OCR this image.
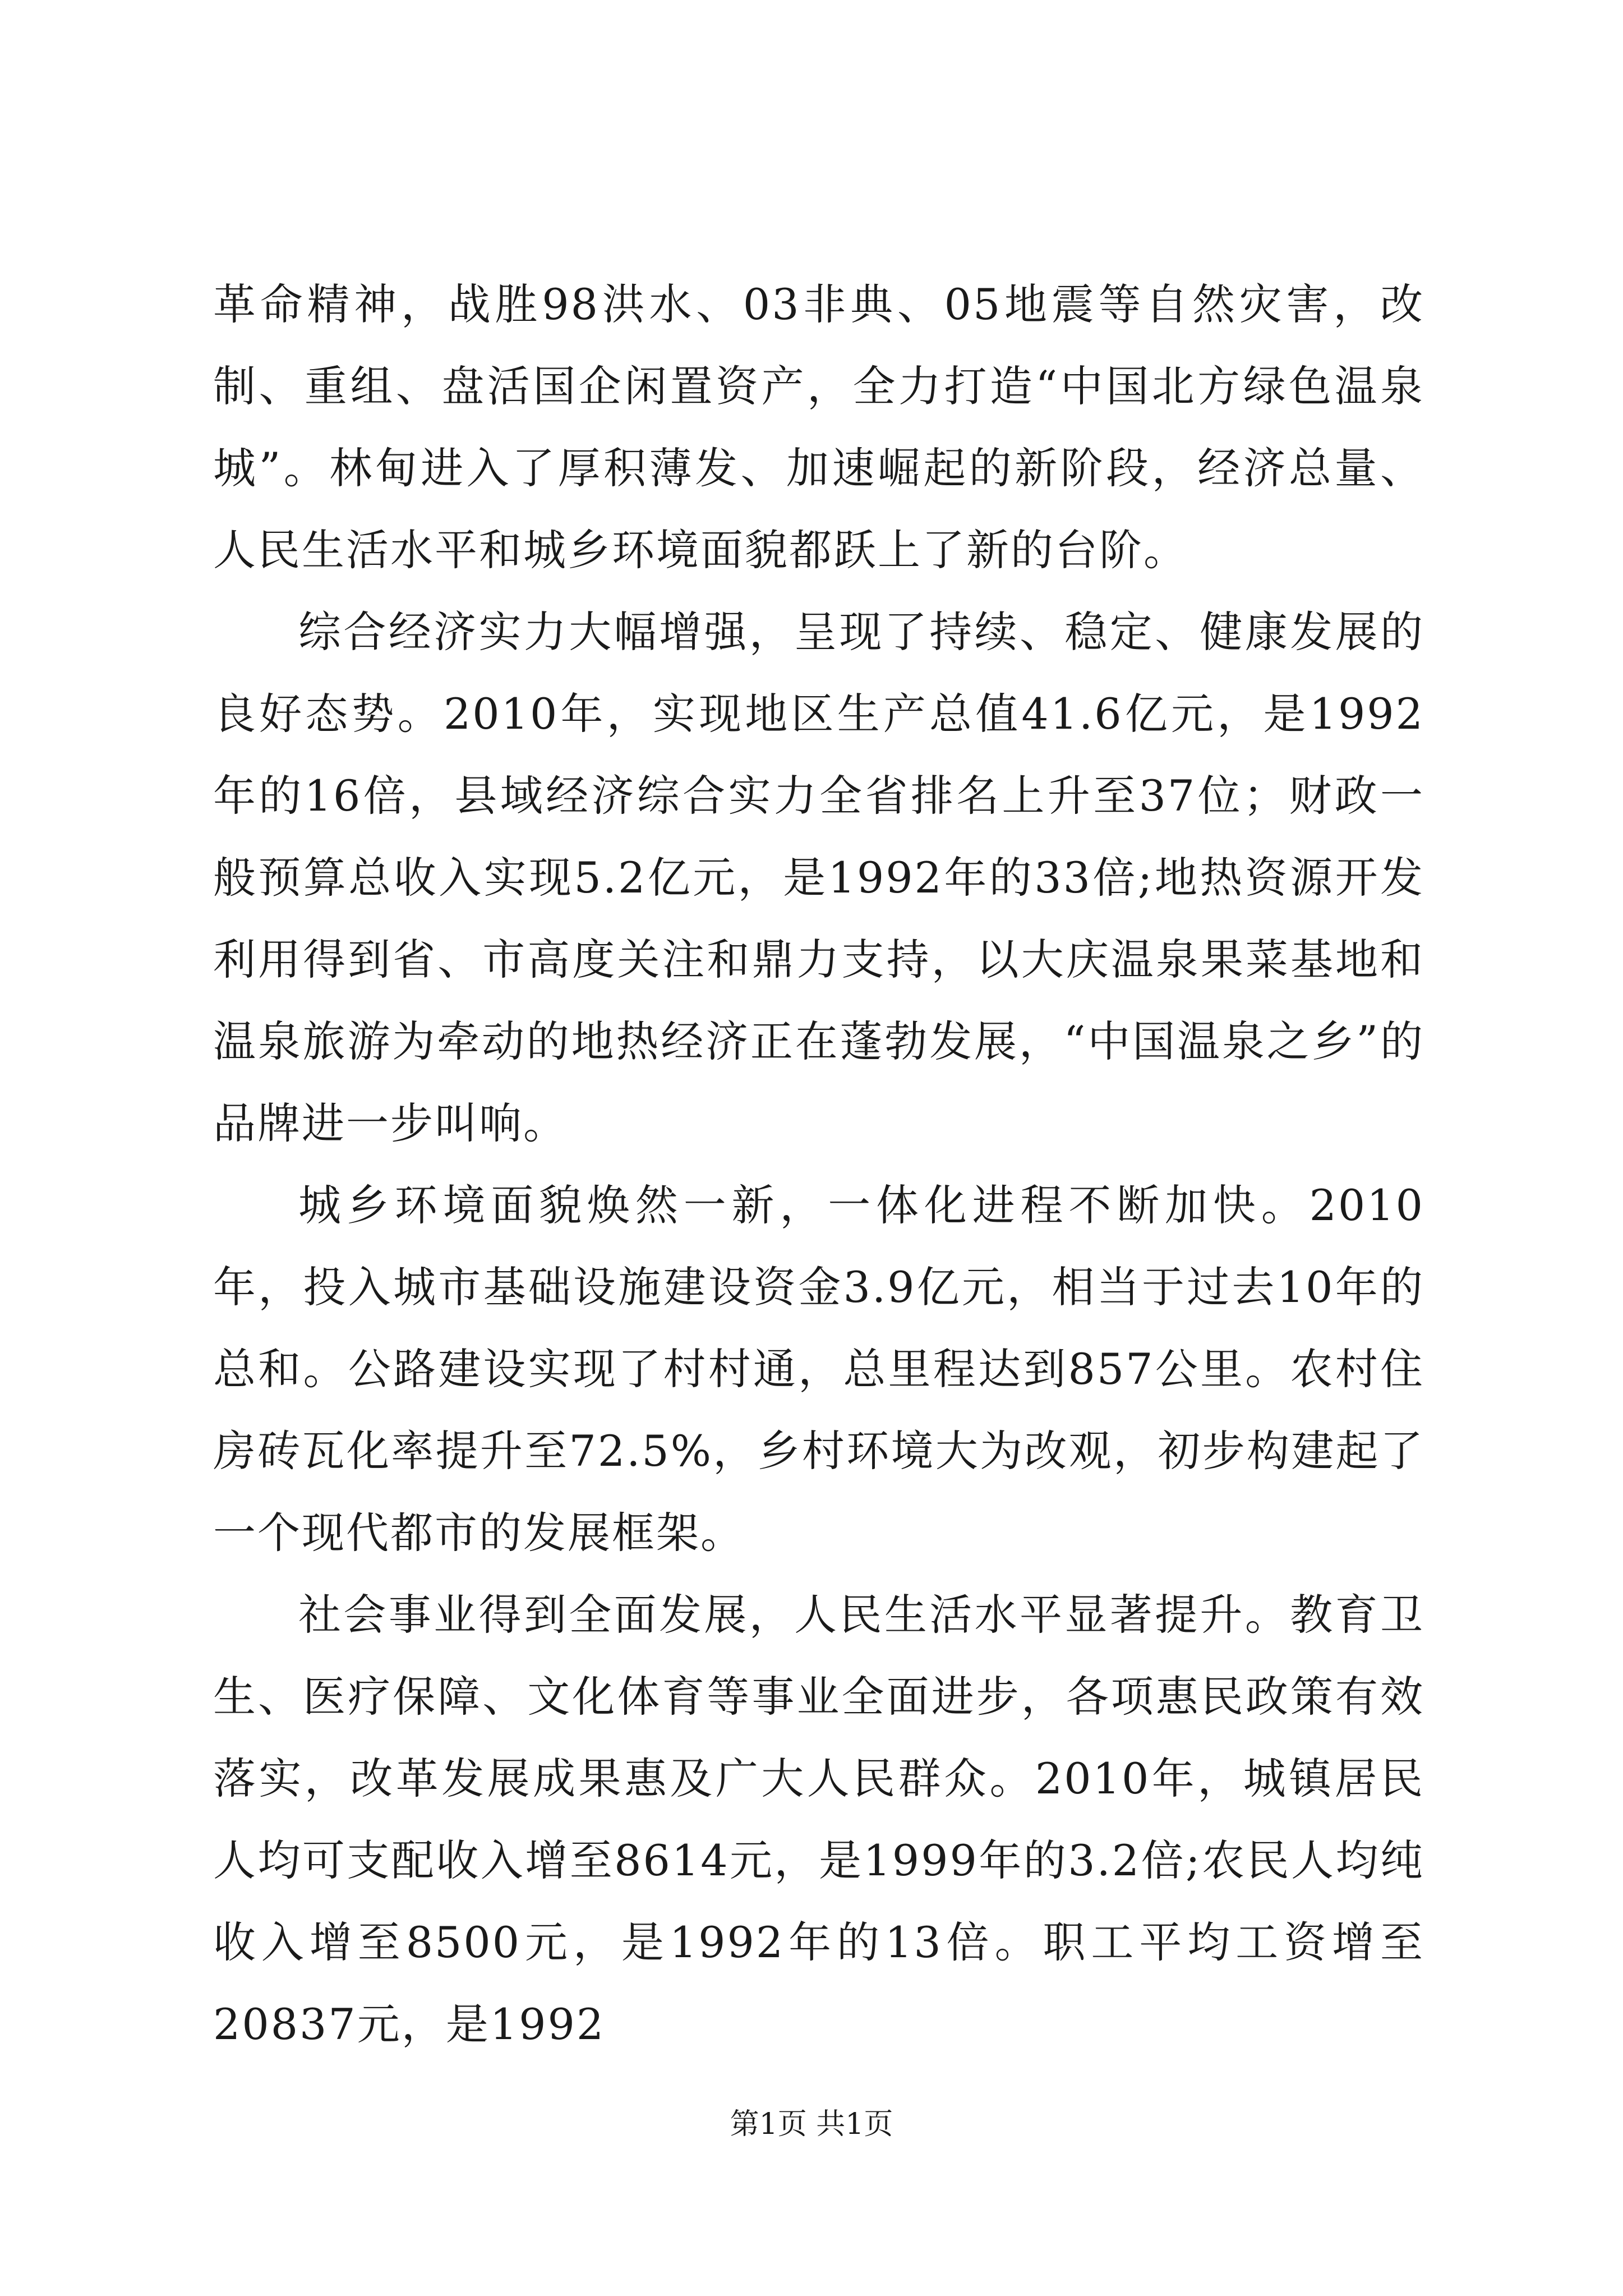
革命精神，战胜98洪水、03非典、05地震等自然灾害，改制、重组、盘活国企闲置资产，全力打造“中国北方绿色温泉城”。林甸进入了厚积薄发、加速崛起的新阶段，经济总量、人民生活水平和城乡环境面貌都跃上了新的台阶。

综合经济实力大幅增强，呈现了持续、稳定、健康发展的良好态势。2010年，实现地区生产总值41.6亿元，是1992年的16倍，县域经济综合实力全省排名上升至37位；财政一般预算总收入实现5.2亿元，是1992年的33倍;地热资源开发利用得到省、市高度关注和鼎力支持，以大庆温泉果菜基地和温泉旅游为牵动的地热经济正在蓬勃发展，“中国温泉之乡”的品牌进一步叫响。

城乡环境面貌焕然一新，一体化进程不断加快。2010年，投入城市基础设施建设资金3.9亿元，相当于过去10年的总和。公路建设实现了村村通，总里程达到857公里。农村住房砖瓦化率提升至72.5%，乡村环境大为改观，初步构建起了一个现代都市的发展框架。

社会事业得到全面发展，人民生活水平显著提升。教育卫生、医疗保障、文化体育等事业全面进步，各项惠民政策有效落实，改革发展成果惠及广大人民群众。2010年，城镇居民人均可支配收入增至8614元，是1999年的3.2倍;农民人均纯收入增至8500元，是1992年的13倍。职工平均工资增至20837元，是1992

第1页 共1页
